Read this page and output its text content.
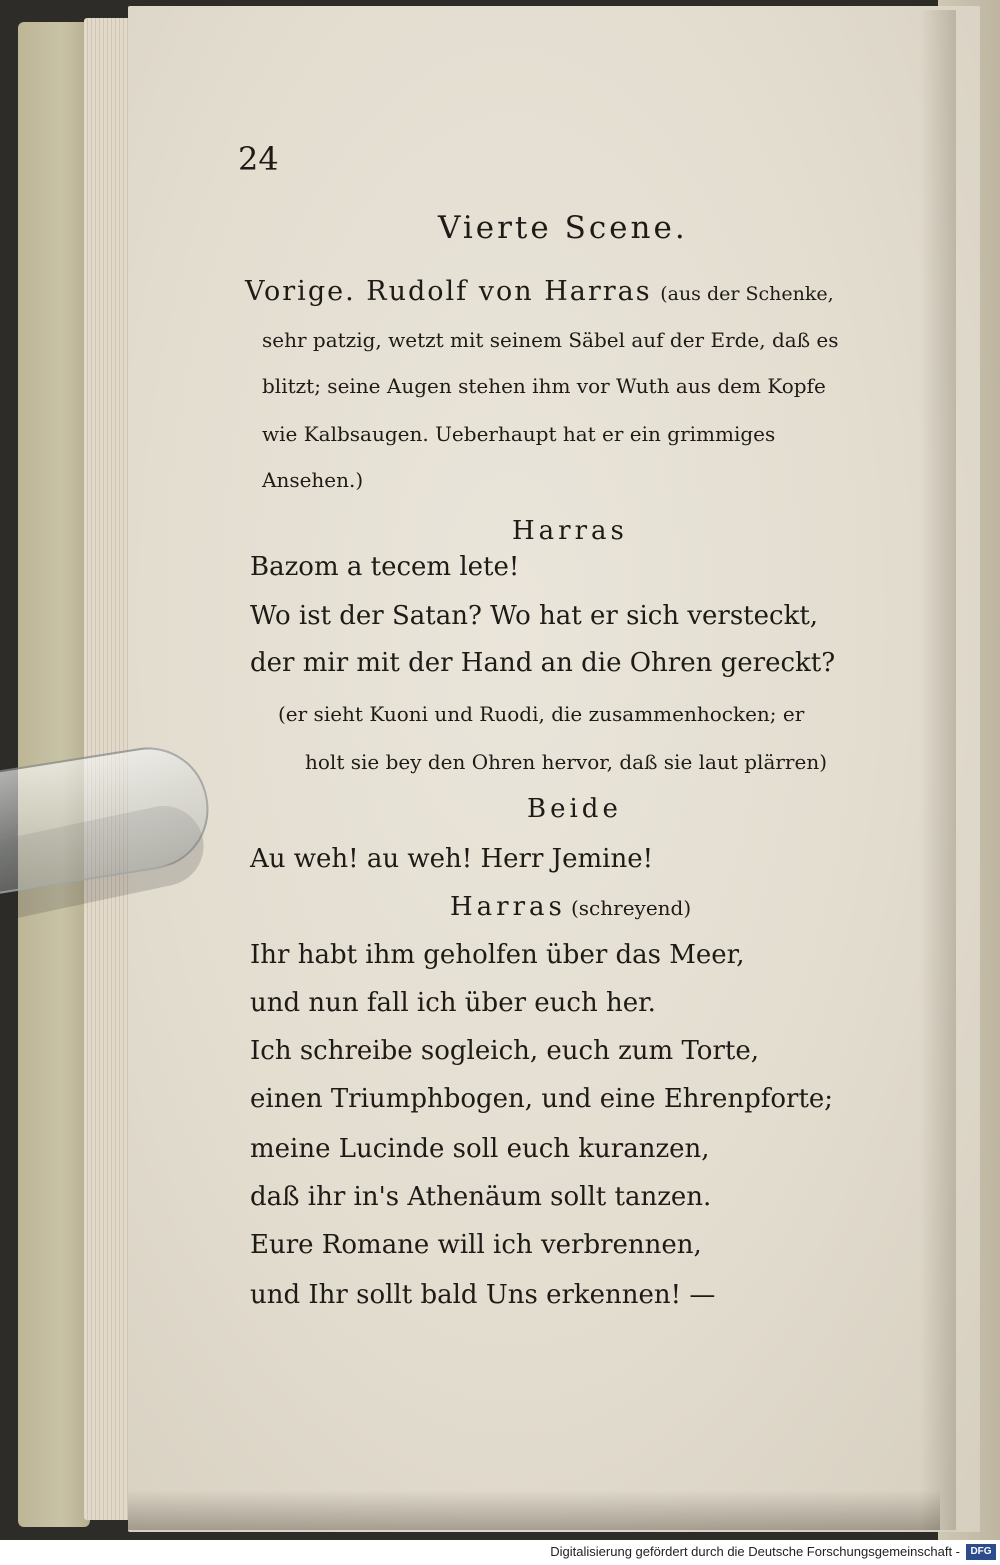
24
Vierte Scene.
Vorige. Rudolf von Harras (aus der Schenke,
sehr patzig, wetzt mit seinem Säbel auf der Erde, daß es
blitzt; seine Augen stehen ihm vor Wuth aus dem Kopfe
wie Kalbsaugen. Ueberhaupt hat er ein grimmiges
Ansehen.)
Harras
Bazom a tecem lete!
Wo ist der Satan? Wo hat er sich versteckt,
der mir mit der Hand an die Ohren gereckt?
(er sieht Kuoni und Ruodi, die zusammenhocken; er
holt sie bey den Ohren hervor, daß sie laut plärren)
Beide
Au weh! au weh! Herr Jemine!
Harras (schreyend)
Ihr habt ihm geholfen über das Meer,
und nun fall ich über euch her.
Ich schreibe sogleich, euch zum Torte,
einen Triumphbogen, und eine Ehrenpforte;
meine Lucinde soll euch kuranzen,
daß ihr in's Athenäum sollt tanzen.
Eure Romane will ich verbrennen,
und Ihr sollt bald Uns erkennen! —
Digitalisierung gefördert durch die Deutsche Forschungsgemeinschaft -	DFG
